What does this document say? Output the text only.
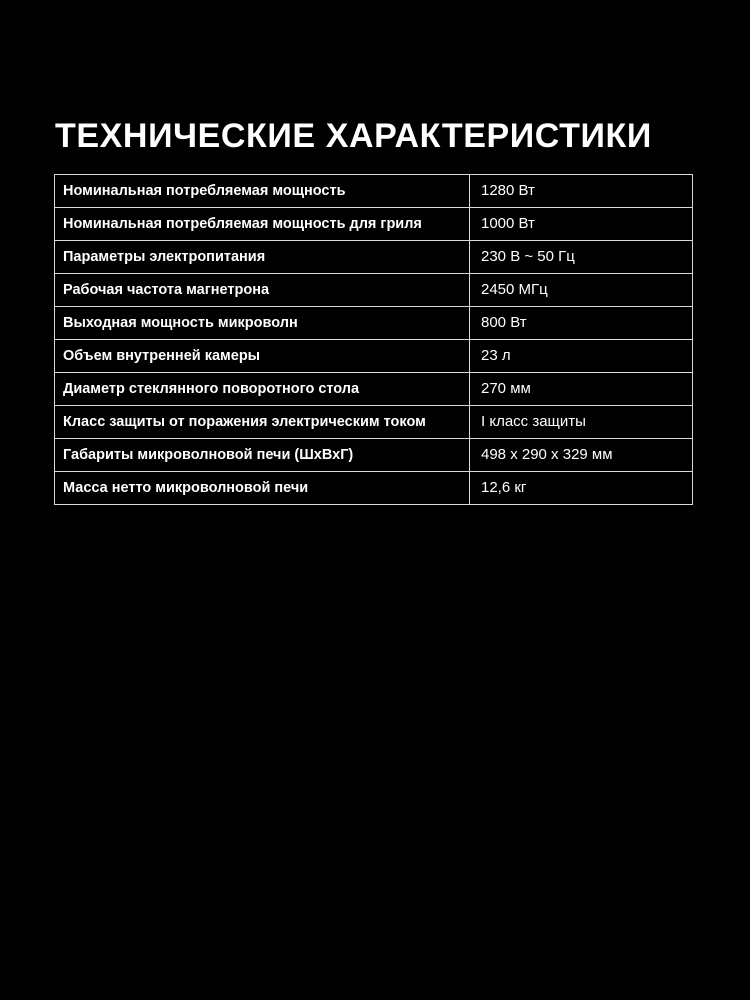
ТЕХНИЧЕСКИЕ ХАРАКТЕРИСТИКИ
Номинальная потребляемая мощность	1280 Вт
Номинальная потребляемая мощность для гриля	1000 Вт
Параметры электропитания	230 В ~ 50 Гц
Рабочая частота магнетрона	2450 МГц
Выходная мощность микроволн	800 Вт
Объем внутренней камеры	23 л
Диаметр стеклянного поворотного стола	270 мм
Класс защиты от поражения электрическим током	I класс защиты
Габариты микроволновой печи (ШхВхГ)	498 х 290 х 329 мм
Масса нетто микроволновой печи	12,6 кг
